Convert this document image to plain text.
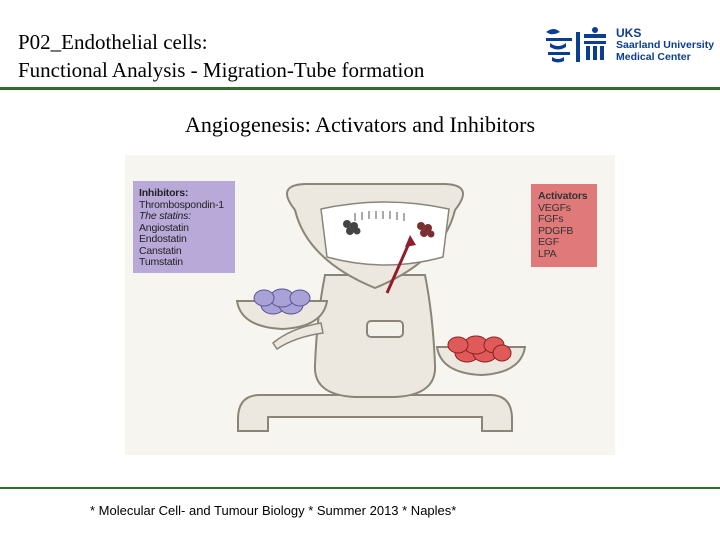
P02_Endothelial cells:
Functional Analysis - Migration-Tube formation
UKS
Saarland University
Medical Center
Angiogenesis: Activators and Inhibitors
Inhibitors:
Thrombospondin-1
The statins:
Angiostatin
Endostatin
Canstatin
Tumstatin
Activators
VEGFs
FGFs
PDGFB
EGF
LPA
* Molecular Cell- and Tumour Biology * Summer 2013 * Naples*
